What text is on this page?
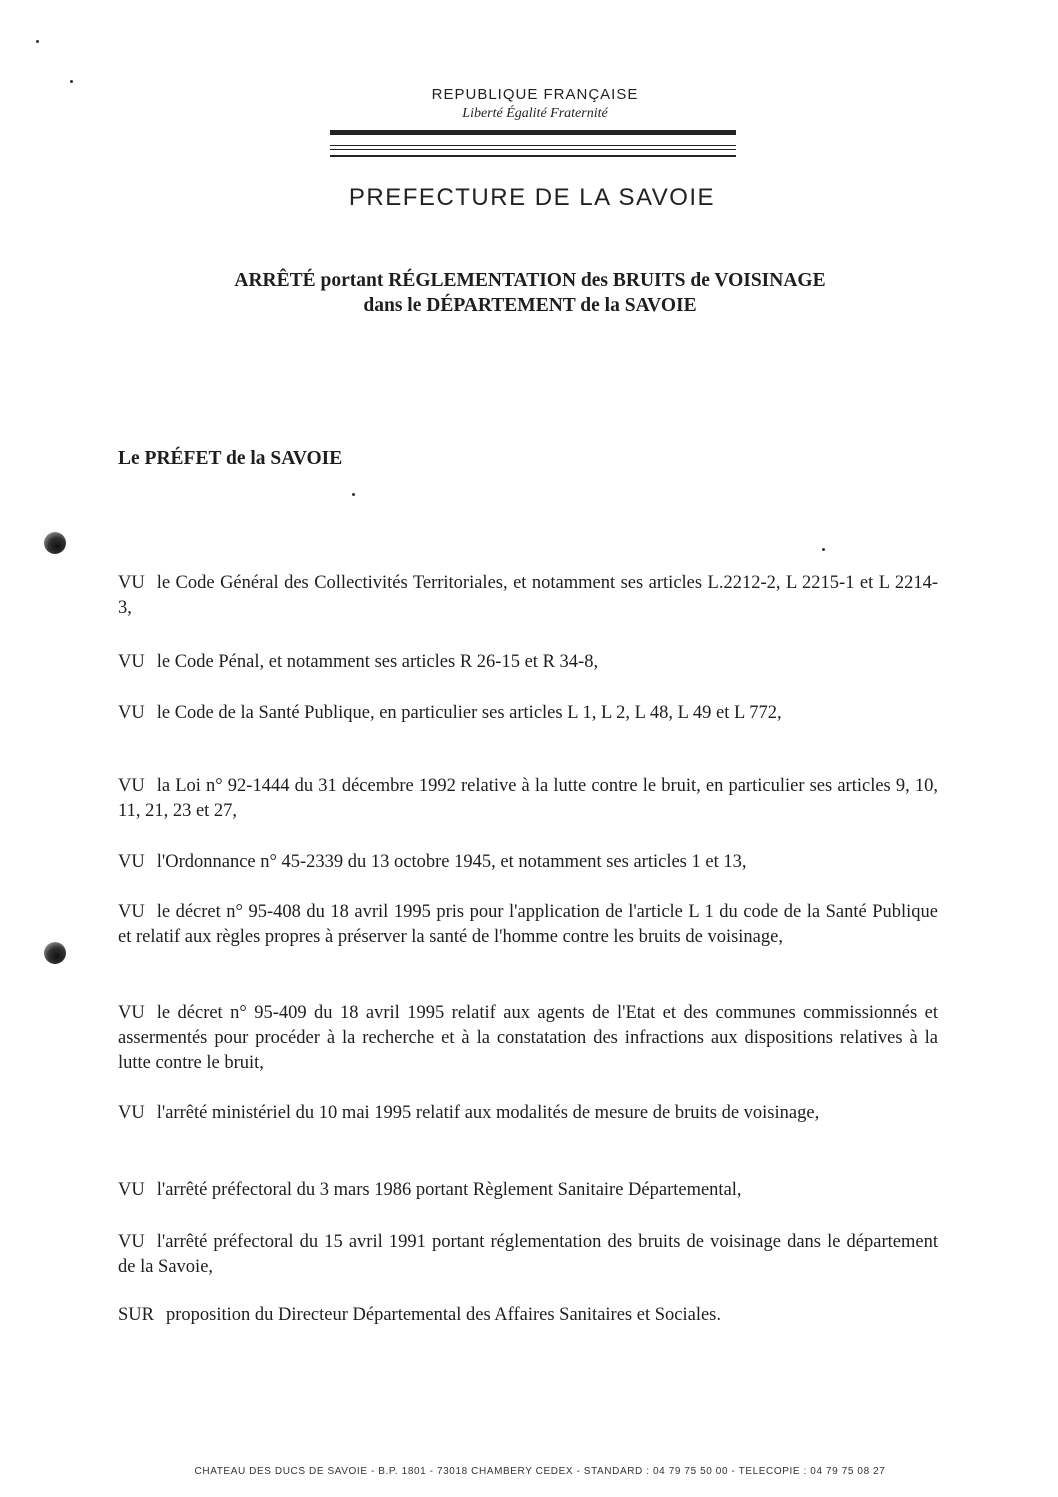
REPUBLIQUE FRANÇAISE
Liberté Égalité Fraternité
PREFECTURE DE LA SAVOIE
ARRÊTÉ portant RÉGLEMENTATION des BRUITS de VOISINAGE
dans le DÉPARTEMENT de la SAVOIE
Le PRÉFET de la SAVOIE
VU le Code Général des Collectivités Territoriales, et notamment ses articles L.2212-2, L 2215-1 et L 2214-3,
VU le Code Pénal, et notamment ses articles R 26-15 et R 34-8,
VU le Code de la Santé Publique, en particulier ses articles L 1, L 2, L 48, L 49 et L 772,
VU la Loi n° 92-1444 du 31 décembre 1992 relative à la lutte contre le bruit, en particulier ses articles 9, 10, 11, 21, 23 et 27,
VU l'Ordonnance n° 45-2339 du 13 octobre 1945, et notamment ses articles 1 et 13,
VU le décret n° 95-408 du 18 avril 1995 pris pour l'application de l'article L 1 du code de la Santé Publique et relatif aux règles propres à préserver la santé de l'homme contre les bruits de voisinage,
VU le décret n° 95-409 du 18 avril 1995 relatif aux agents de l'Etat et des communes commissionnés et assermentés pour procéder à la recherche et à la constatation des infractions aux dispositions relatives à la lutte contre le bruit,
VU l'arrêté ministériel du 10 mai 1995 relatif aux modalités de mesure de bruits de voisinage,
VU l'arrêté préfectoral du 3 mars 1986 portant Règlement Sanitaire Départemental,
VU l'arrêté préfectoral du 15 avril 1991 portant réglementation des bruits de voisinage dans le département de la Savoie,
SUR proposition du Directeur Départemental des Affaires Sanitaires et Sociales.
CHATEAU DES DUCS DE SAVOIE - B.P. 1801 - 73018 CHAMBERY CEDEX - STANDARD : 04 79 75 50 00 - TELECOPIE : 04 79 75 08 27
